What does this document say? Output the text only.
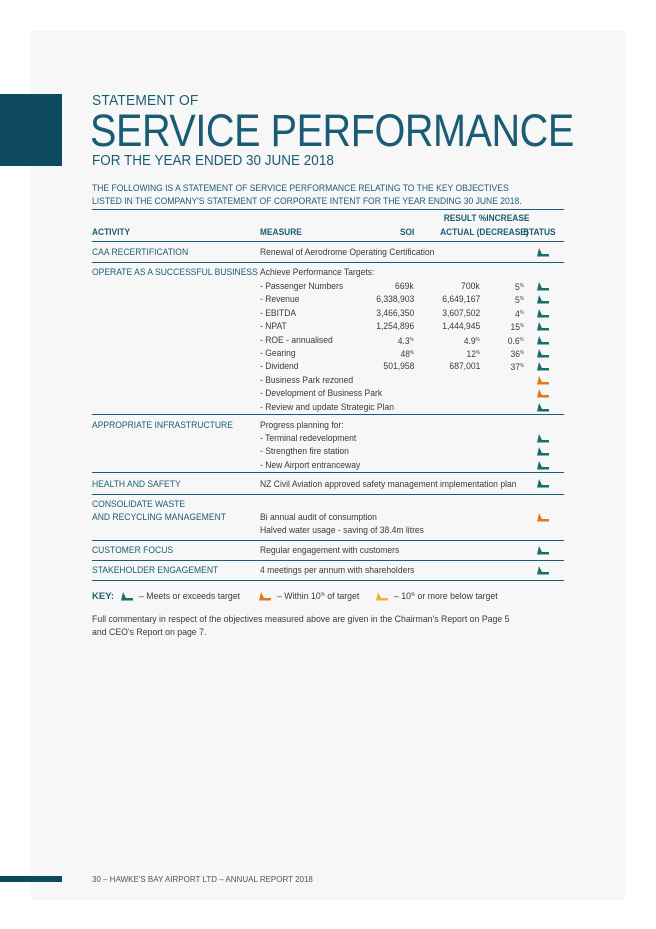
STATEMENT OF
SERVICE PERFORMANCE
FOR THE YEAR ENDED 30 JUNE 2018
THE FOLLOWING IS A STATEMENT OF SERVICE PERFORMANCE RELATING TO THE KEY OBJECTIVES
LISTED IN THE COMPANY'S STATEMENT OF CORPORATE INTENT FOR THE YEAR ENDING 30 JUNE 2018.
RESULT %INCREASE
ACTIVITY	MEASURE	SOI	ACTUAL (DECREASE)
STATUS
CAA RECERTIFICATION	Renewal of Aerodrome Operating Certification
OPERATE AS A SUCCESSFUL BUSINESS Achieve Performance Targets:
- Passenger Numbers	669k	700k	5%
- Revenue	6,338,903	6,649,167	5%
- EBITDA	3,466,350	3,607,502	4%
- NPAT	1,254,896	1,444,945	15%
- ROE - annualised	4.3%	4.9%	0.6%
- Gearing	48%	12%	36%
- Dividend	501,958	687,001	37%
- Business Park rezoned
- Development of Business Park
- Review and update Strategic Plan
APPROPRIATE INFRASTRUCTURE	Progress planning for:
- Terminal redevelopment
- Strengthen fire station
- New Airport entranceway
HEALTH AND SAFETY	NZ Civil Aviation approved safety management implementation plan
CONSOLIDATE WASTE
AND RECYCLING MANAGEMENT	Bi annual audit of consumption
Halved water usage - saving of 38.4m litres
CUSTOMER FOCUS	Regular engagement with customers
STAKEHOLDER ENGAGEMENT	4 meetings per annum with shareholders
KEY:	– Meets or exceeds target	– Within 10% of target	– 10% or more below target
Full commentary in respect of the objectives measured above are given in the Chairman's Report on Page 5
and CEO's Report on page 7.
30 – HAWKE'S BAY AIRPORT LTD – ANNUAL REPORT 2018
